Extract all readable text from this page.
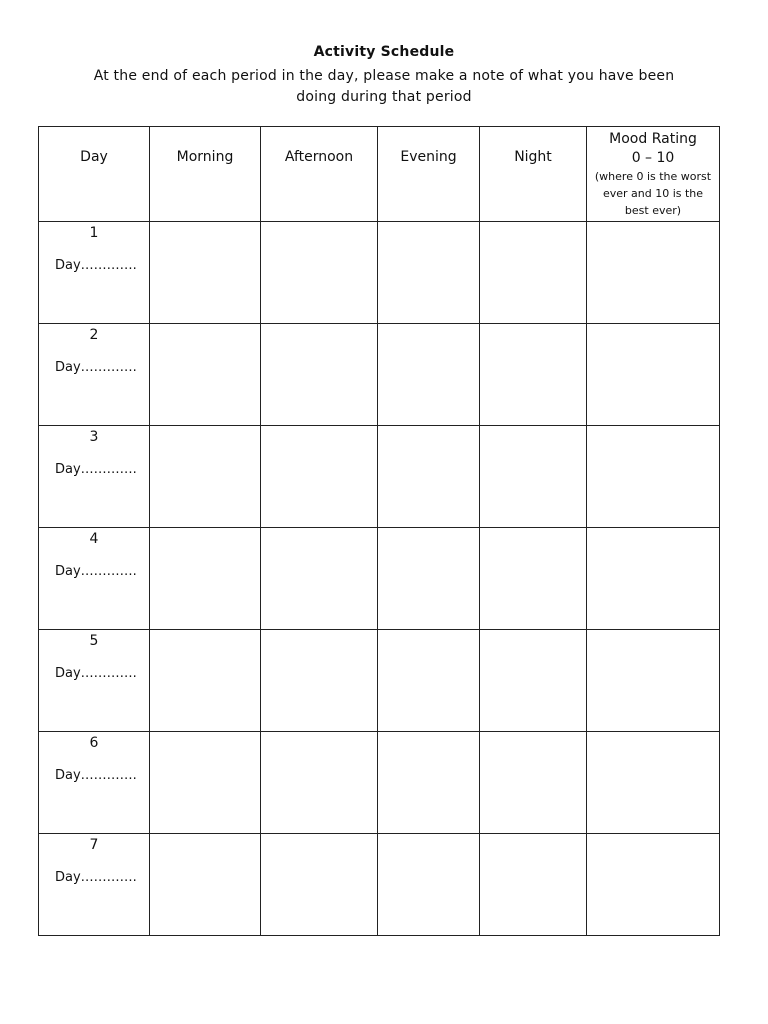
Activity Schedule
At the end of each period in the day, please make a note of what you have been doing during that period
Day	Morning	Afternoon	Evening	Night	Mood Rating
0 – 10
(where 0 is the worst ever and 10 is the best ever)

1
Day………….					

2
Day………….					

3
Day………….					

4
Day………….					

5
Day………….					

6
Day………….					

7
Day………….					
